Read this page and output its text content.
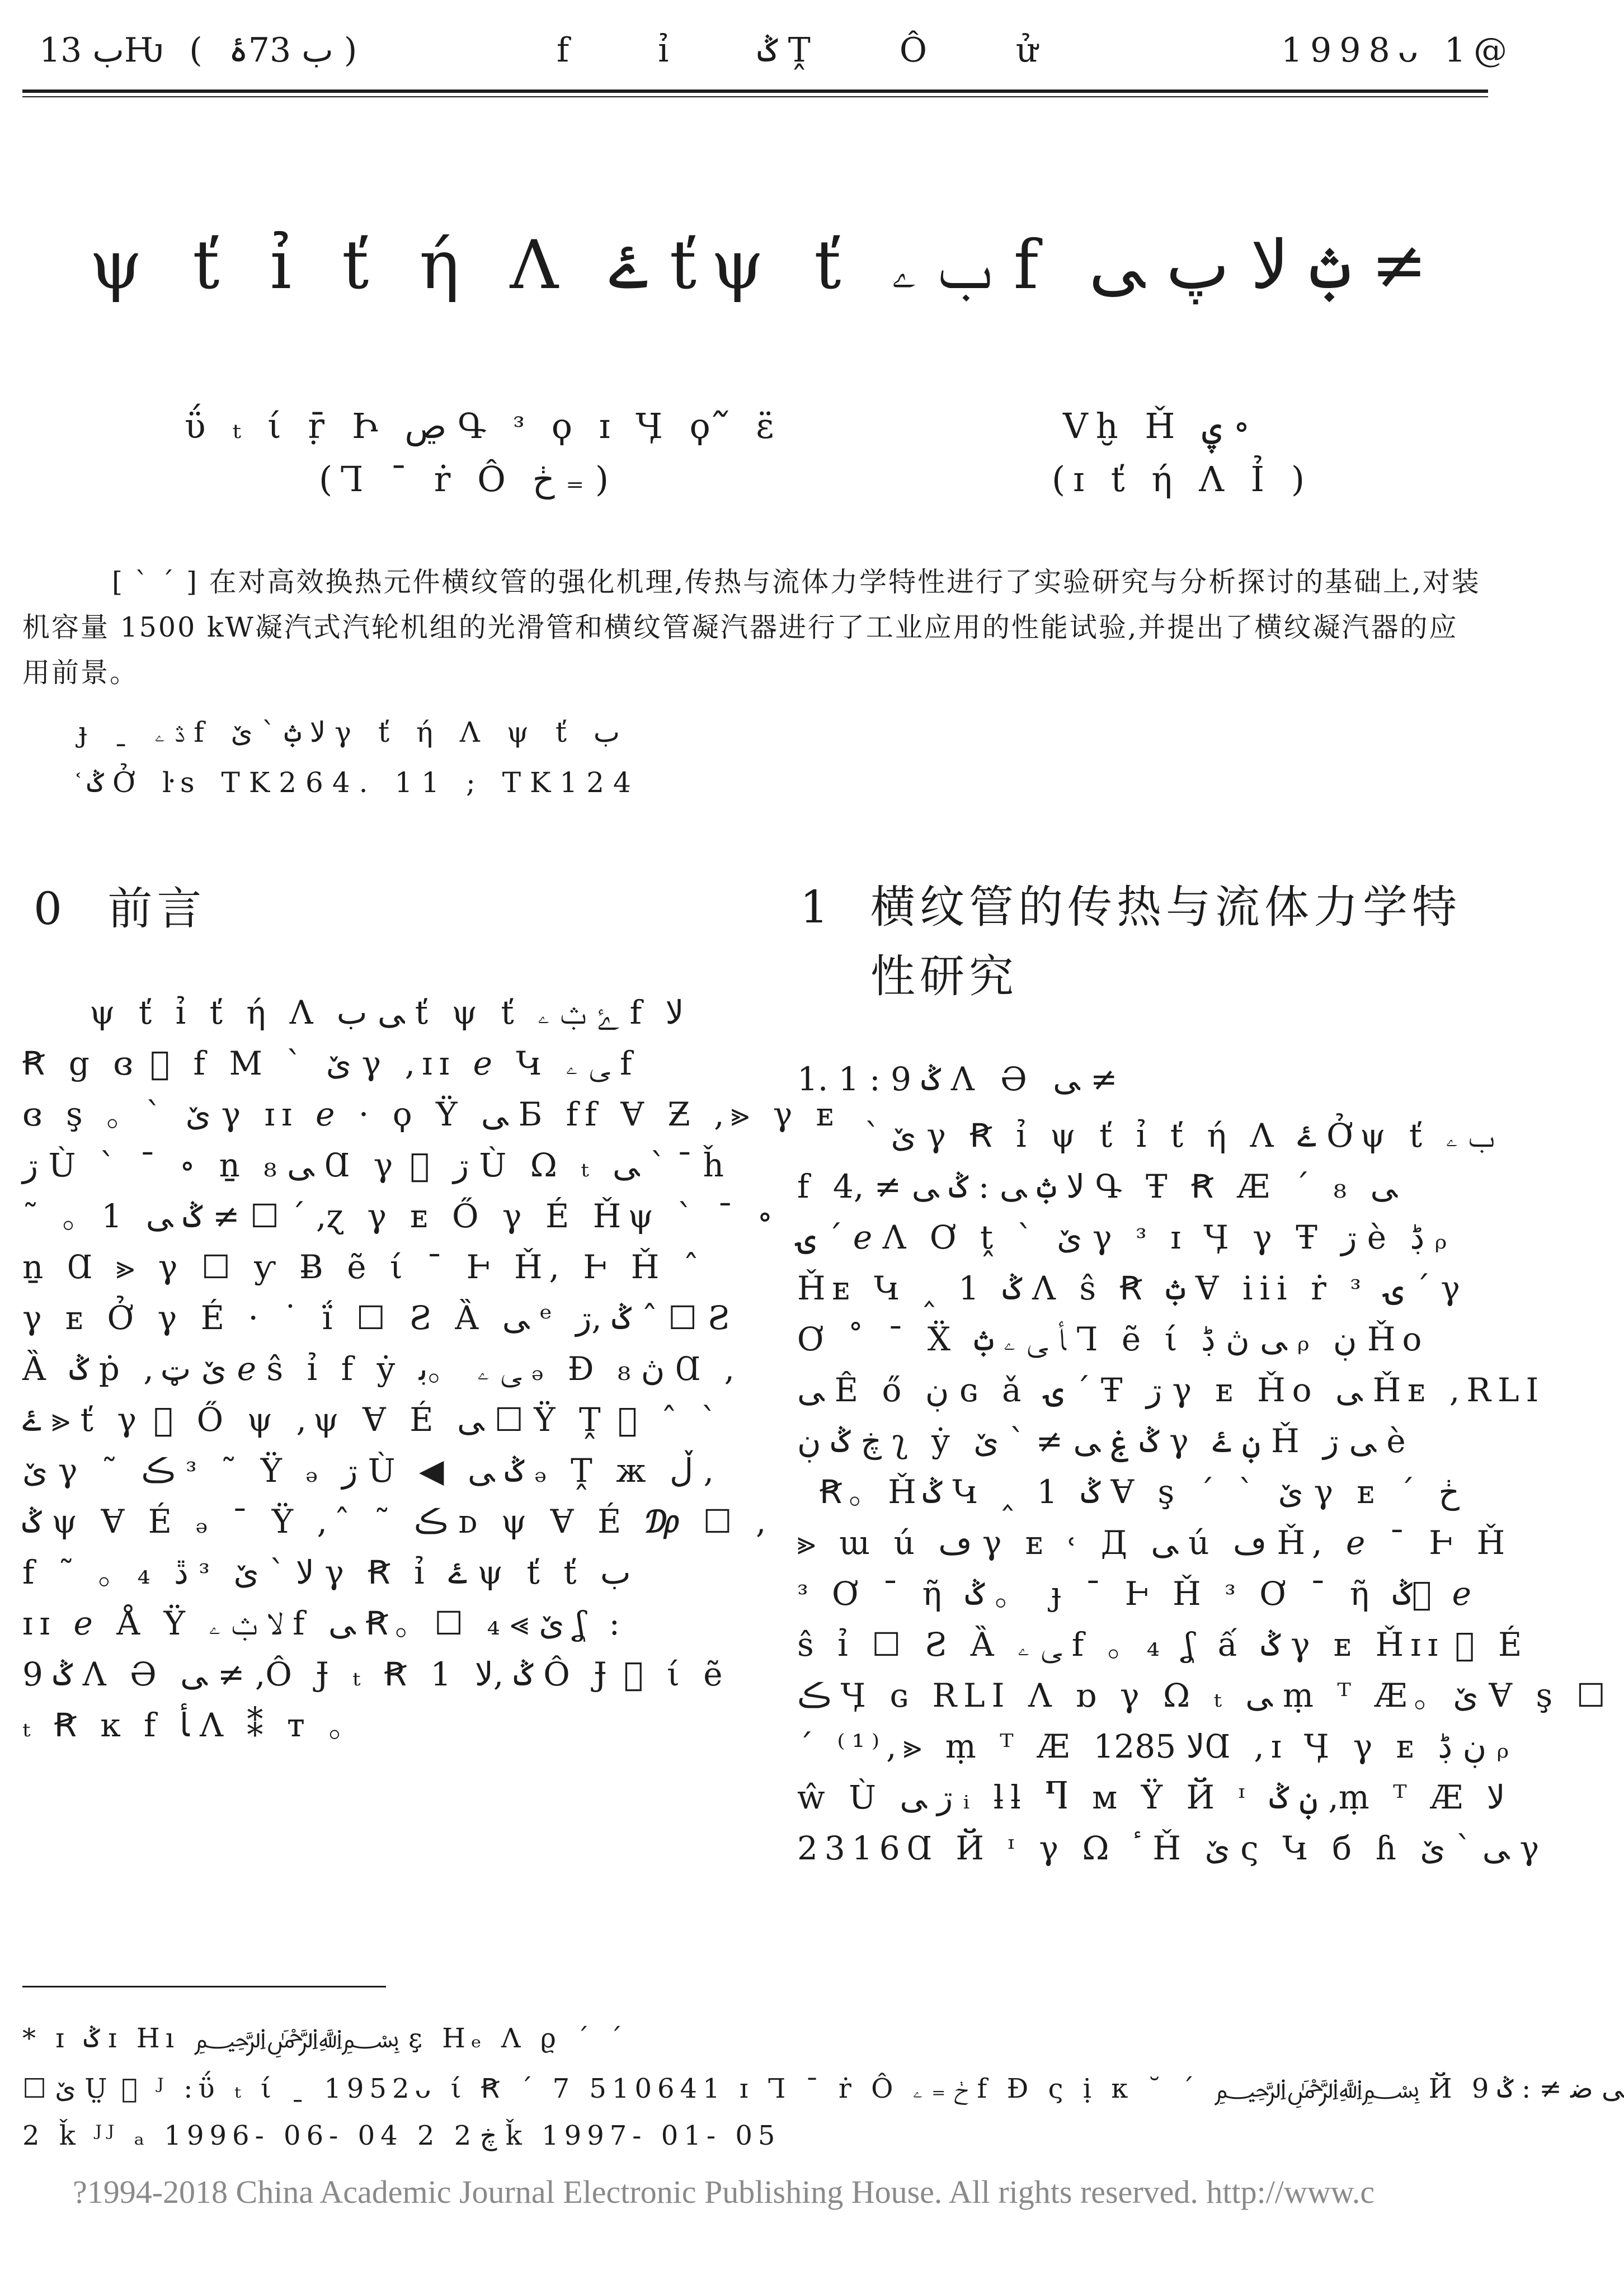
ب 13Ƕ ( ب 73ۀ )	f ỉ ݣ Ṱ Ô ử	1998ᴗ 1@
ψ ť ỉ ť ή Λ ۓ ťψ ť ب ۦ f ݑ ﻻ ﭖ ﯽ ≠
ΰ ₜ ί ṝ Ի ڝ Գ ᵌ ϙ ɪ Ӌ ϙ ᷉ ε̈
(Ꞁ ¯ ṙ Ô ڂ ₌ )
Vḫ Ȟ ۑ ∘
(ɪ ť ή Λ Ỉ )
[ ˋ ˊ ] 在对高效换热元件横纹管的强化机理,传热与流体力学特性进行了实验研究与分析探讨的基础上,对装机容量 1500 kW凝汽式汽轮机组的光滑管和横纹管凝汽器进行了工业应用的性能试验,并提出了横纹凝汽器的应用前景。
ɟ ˍ ڎ ۦ f ﻻ ݑ ˋ ێ γ ť ή Λ ψ ť ب
᷾ ݣ Ở ŀs TK264. 11 ; TK124
0 前言	1 横纹管的传热与流体力学特性研究
ψ ť ỉ ť ή Λ ﯽ ب ť ψ ť ۓ ݑ ۦ f ﻻ
Ꞧ g ɞ ᷧ f M ˋ ێ γ ,ɪɪ ℯ Կ ﯽ ۦ f
ɞ ş 。ˋ ێ γ ɪɪ ℯ · ϙ Ÿ ﯽ Б ff Ɐ Ƶ ,⪢ γ ᴇ
ڗ Ù ˋ ¯ ∘ ṉ ﯽ ₈ Ɑ γ ᷧ ڗ Ù Ω ₜ ﯽ ˋ ¯ ȟ
˜ 。1 ݣ ﯽ ≠ ☐ ˊ ,ɀ γ ᴇ Ő γ É Ȟψ ˋ ¯ ∘
ṉ Ɑ ⪢ γ ☐ ƴ Ƀ ẽ ί ¯ Ⱶ Ȟ, Ⱶ Ȟ ˆ
γ ᴇ Ở γ É · ˙ ḯ ☐ Ƨ Ȁ ﯽ ᵉ ݣ ,ڗ ˆ ☐ Ƨ
Ȁ ݣ ṗ ,ێ ټ ℯ ŝ ỉ f ẏ ﯽ ۦ 。ﺑ ₔ Ɖ ڽ ₈ Ɑ ,
ۓ ⪢ ť γ ᷧ Ő ψ ,ψ Ɐ É ﯽ ☐ Ÿ Ṱ ᷧ ˆ ˋ
ێ γ ˜ ڪ ᵌ ˜ Ÿ ₔ ڗ Ù ◀ ݣ ﯽ ₔ Ṱ ж ڵ ,
ݣ ψ Ɐ É ₔ ¯ Ÿ ,ˆ ˜ ڪ ᴅ ψ Ɐ É ₯ ☐ ,
f ˜ 。₄ ڐ ᵌ ﻻ ˋ ێ γ Ꞧ ỉ ۓ ψ ť ť ب
ɪɪ ℯ Å Ÿ ﻻ ݑ ۦ f ﯽ Ꞧ。☐ ێ ⪢ ₄ ʆ :
ݣ 9 Ʌ Ə ﯽ ≠ ,Ô Ɉ ₜ Ꞧ 1 ݣ ,ﻻ Ô Ɉ ᷧ ί ẽ
ₜ Ꞧ ĸ f ﺄ Ʌ ⁑ ᴛ 。
1. 1 : ݣ 9 Ʌ Ə ﯽ ≠
ˋ ێ γ Ꞧ ỉ ψ ť ỉ ť ή Λ ۓ Ởψ ť ب ۦ
f ﻻ ݑ ﯽ : ݣ ﯽ ≠ ,4 Գ Ŧ Ꞧ Æ ˊ ₈ ﯽ
ۍ ˊ ℯ Ʌ Ơ ṱ ˋ ێ γ ᵌ ɪ Ӌ γ Ŧ ڗ è ڋ ᵨ
Ȟᴇ Կ ‸ 1 ݣ Ʌ ŝ Ꞧ ݑ Ɐ iii ṙ ᵌ ۍ ˊ γ
Ơ ˚ ¯ Ẍ ﺄ ﯽ ۦ ݑ Ꞁ ẽ ί ﯽ ڽ ڋ ᵨ ڹ Ȟo
ﯽ Ê ő ڹ ɢ ǎ ۍ ˊ Ŧ ڗ γ ᴇ Ȟo ﯽ Ȟᴇ ,RLI
ڿ ݣ ڹ ʅ ẏ ݣ ۼ ﯽ ≠ ˋ ێ γ ڹ ۓ Ȟ ﯽ ڗ è
Ꞧ。Ȟݣ Կ ‸ 1 ݣ Ɐ ş ˊ ˋ ێ γ ᴇ ˊ ڂ
⪢ ɯ ú ڡ γ ᴇ ˓ Д ﯽ ú ڡ Ȟ, ℯ ¯ Ⱶ Ȟ
ᵌ Ơ ¯ ῆ ݣ 。 ɟ ¯ Ⱶ Ȟ ᵌ Ơ ¯ ῆ ݣ ᷧ ℯ
ŝ ỉ ☐ Ƨ Ȁ ﯽ ۦ f 。₄ ʆ ấ ݣ γ ᴇ Ȟɪɪ ᷧ É
ڪ Ӌ ɢ RLI Ʌ ɒ γ Ω ₜ ﯽ ṃ ᵀ Æ。ێ Ɐ ş ☐
ˊ ⁽¹⁾,⪢ ṃ ᵀ Æ ﻻ 1285Ɑ ,ɪ Ӌ γ ᴇ ڹ ڋ ᵨ
ŵ Ù ڗ ﯽ ᵢ ƚƚ Ⴄ ᴍ Ÿ Й ᶦ ڹ ݣ ,ṃ ᵀ Æ ﻻ
2316Ɑ Й ᶦ γ Ω ٴ Ȟ ێ ς Կ б ɦ ﯽ ˋ ێ γ
* ɪ ݣ ɪ Hı ﷽ ε̧ Hₑ Ʌ ϱ ˊ ˊ
☐ ێ Ṳ ᷍ ᴶ :ΰ ₜ ί ˍ 1952ᴗ ί Ꞧ ˊ 7 510641 ɪ Ꞁ ¯ ṙ Ô ڂ ₌ ۦ f Ɖ ς ị ᴋ ˘ ˊ ﷽ Й ﯽ ﺿ ≠ : ݣ 9
2 ǩ ᴶᴶ ₐ 1996- 06- 04 2 ڿ 2 ǩ 1997- 01- 05
?1994-2018 China Academic Journal Electronic Publishing House. All rights reserved. http://www.c
